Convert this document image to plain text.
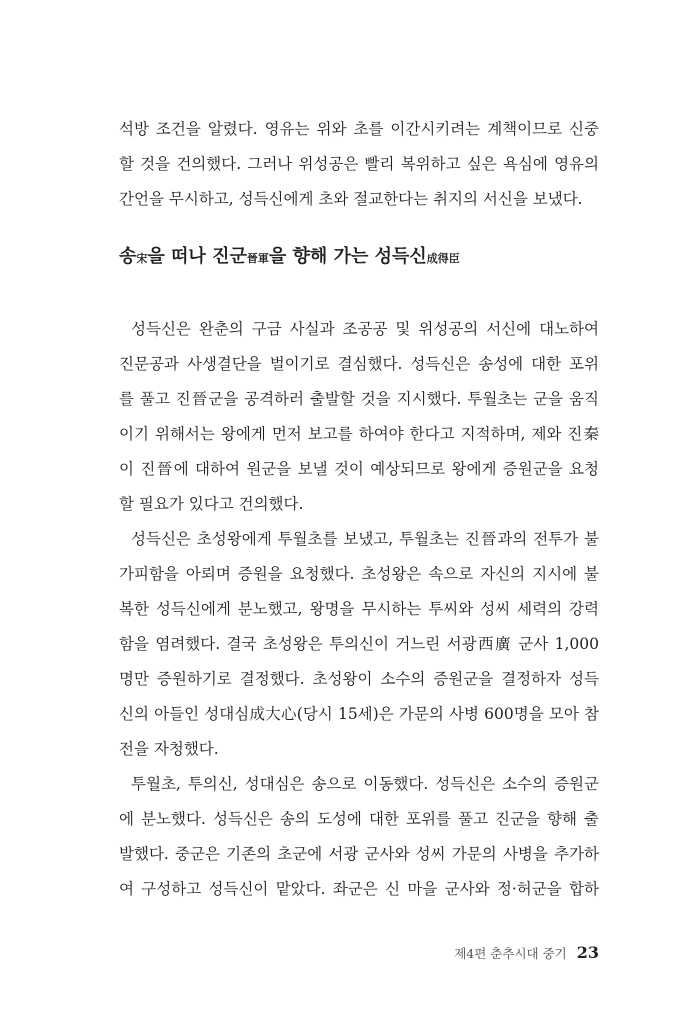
석방 조건을 알렸다. 영유는 위와 초를 이간시키려는 계책이므로 신중
할 것을 건의했다. 그러나 위성공은 빨리 복위하고 싶은 욕심에 영유의
간언을 무시하고, 성득신에게 초와 절교한다는 취지의 서신을 보냈다.
송宋을 떠나 진군晉軍을 향해 가는 성득신成得臣
성득신은 완춘의 구금 사실과 조공공 및 위성공의 서신에 대노하여
진문공과 사생결단을 벌이기로 결심했다. 성득신은 송성에 대한 포위
를 풀고 진晉군을 공격하러 출발할 것을 지시했다. 투월초는 군을 움직
이기 위해서는 왕에게 먼저 보고를 하여야 한다고 지적하며, 제와 진秦
이 진晉에 대하여 원군을 보낼 것이 예상되므로 왕에게 증원군을 요청
할 필요가 있다고 건의했다.
성득신은 초성왕에게 투월초를 보냈고, 투월초는 진晉과의 전투가 불
가피함을 아뢰며 증원을 요청했다. 초성왕은 속으로 자신의 지시에 불
복한 성득신에게 분노했고, 왕명을 무시하는 투씨와 성씨 세력의 강력
함을 염려했다. 결국 초성왕은 투의신이 거느린 서광西廣 군사 1,000
명만 증원하기로 결정했다. 초성왕이 소수의 증원군을 결정하자 성득
신의 아들인 성대심成大心(당시 15세)은 가문의 사병 600명을 모아 참
전을 자청했다.
투월초, 투의신, 성대심은 송으로 이동했다. 성득신은 소수의 증원군
에 분노했다. 성득신은 송의 도성에 대한 포위를 풀고 진군을 향해 출
발했다. 중군은 기존의 초군에 서광 군사와 성씨 가문의 사병을 추가하
여 구성하고 성득신이 맡았다. 좌군은 신 마을 군사와 정·허군을 합하
제4편 춘추시대 중기 23
